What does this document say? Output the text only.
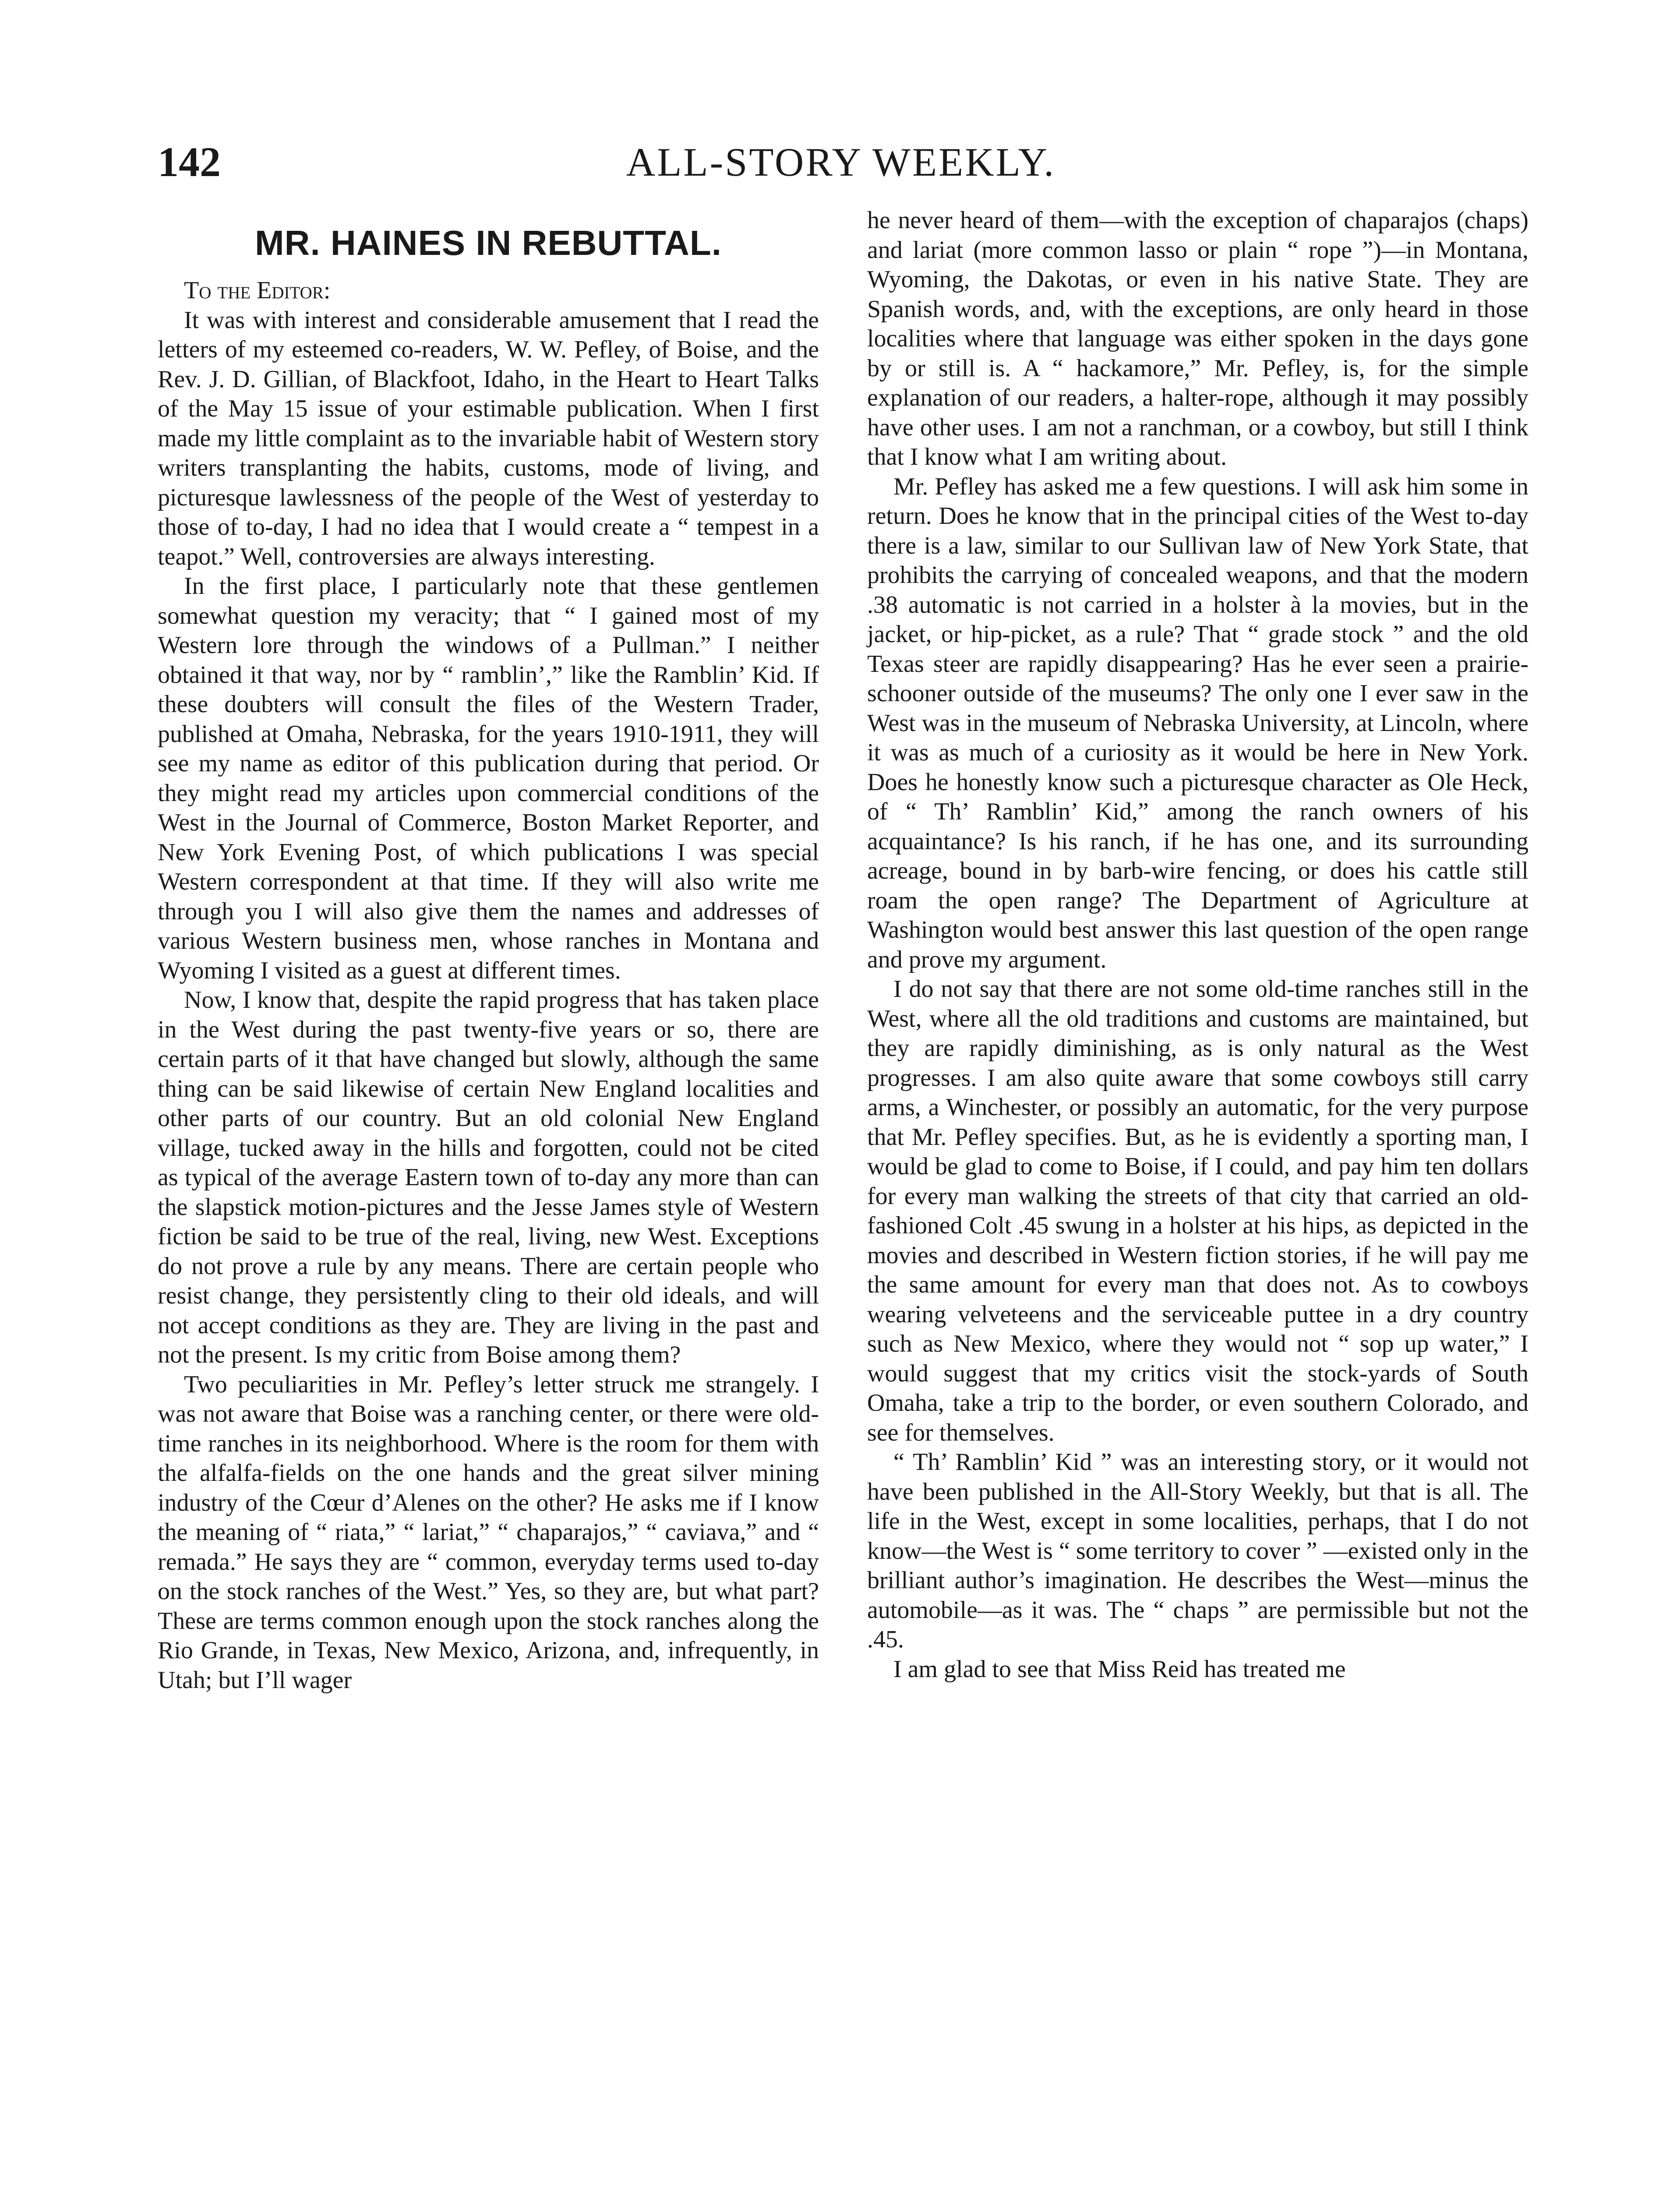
142	ALL-STORY WEEKLY.
MR. HAINES IN REBUTTAL.

To the Editor:

It was with interest and considerable amusement that I read the letters of my esteemed co-readers, W. W. Pefley, of Boise, and the Rev. J. D. Gillian, of Blackfoot, Idaho, in the Heart to Heart Talks of the May 15 issue of your estimable publication. When I first made my little complaint as to the invariable habit of Western story writers transplanting the habits, customs, mode of living, and picturesque lawlessness of the people of the West of yesterday to those of to-day, I had no idea that I would create a “ tempest in a teapot.” Well, controversies are always interesting.

In the first place, I particularly note that these gentlemen somewhat question my veracity; that “ I gained most of my Western lore through the windows of a Pullman.” I neither obtained it that way, nor by “ ramblin’,” like the Ramblin’ Kid. If these doubters will consult the files of the Western Trader, published at Omaha, Nebraska, for the years 1910-1911, they will see my name as editor of this publication during that period. Or they might read my articles upon commercial conditions of the West in the Journal of Commerce, Boston Market Reporter, and New York Evening Post, of which publications I was special Western correspondent at that time. If they will also write me through you I will also give them the names and addresses of various Western business men, whose ranches in Montana and Wyoming I visited as a guest at different times.

Now, I know that, despite the rapid progress that has taken place in the West during the past twenty-five years or so, there are certain parts of it that have changed but slowly, although the same thing can be said likewise of certain New England localities and other parts of our country. But an old colonial New England village, tucked away in the hills and forgotten, could not be cited as typical of the average Eastern town of to-day any more than can the slapstick motion-pictures and the Jesse James style of Western fiction be said to be true of the real, living, new West. Exceptions do not prove a rule by any means. There are certain people who resist change, they persistently cling to their old ideals, and will not accept conditions as they are. They are living in the past and not the present. Is my critic from Boise among them?

Two peculiarities in Mr. Pefley’s letter struck me strangely. I was not aware that Boise was a ranching center, or there were old-time ranches in its neighborhood. Where is the room for them with the alfalfa-fields on the one hands and the great silver mining industry of the Cœur d’Alenes on the other? He asks me if I know the meaning of “ riata,” “ lariat,” “ chaparajos,” “ caviava,” and “ remada.” He says they are “ common, everyday terms used to-day on the stock ranches of the West.” Yes, so they are, but what part? These are terms common enough upon the stock ranches along the Rio Grande, in Texas, New Mexico, Arizona, and, infrequently, in Utah; but I’ll wager

he never heard of them—with the exception of chaparajos (chaps) and lariat (more common lasso or plain “ rope ”)—in Montana, Wyoming, the Dakotas, or even in his native State. They are Spanish words, and, with the exceptions, are only heard in those localities where that language was either spoken in the days gone by or still is. A “ hackamore,” Mr. Pefley, is, for the simple explanation of our readers, a halter-rope, although it may possibly have other uses. I am not a ranchman, or a cowboy, but still I think that I know what I am writing about.

Mr. Pefley has asked me a few questions. I will ask him some in return. Does he know that in the principal cities of the West to-day there is a law, similar to our Sullivan law of New York State, that prohibits the carrying of concealed weapons, and that the modern .38 automatic is not carried in a holster à la movies, but in the jacket, or hip-picket, as a rule? That “ grade stock ” and the old Texas steer are rapidly disappearing? Has he ever seen a prairie-schooner outside of the museums? The only one I ever saw in the West was in the museum of Nebraska University, at Lincoln, where it was as much of a curiosity as it would be here in New York. Does he honestly know such a picturesque character as Ole Heck, of “ Th’ Ramblin’ Kid,” among the ranch owners of his acquaintance? Is his ranch, if he has one, and its surrounding acreage, bound in by barb-wire fencing, or does his cattle still roam the open range? The Department of Agriculture at Washington would best answer this last question of the open range and prove my argument.

I do not say that there are not some old-time ranches still in the West, where all the old traditions and customs are maintained, but they are rapidly diminishing, as is only natural as the West progresses. I am also quite aware that some cowboys still carry arms, a Winchester, or possibly an automatic, for the very purpose that Mr. Pefley specifies. But, as he is evidently a sporting man, I would be glad to come to Boise, if I could, and pay him ten dollars for every man walking the streets of that city that carried an old-fashioned Colt .45 swung in a holster at his hips, as depicted in the movies and described in Western fiction stories, if he will pay me the same amount for every man that does not. As to cowboys wearing velveteens and the serviceable puttee in a dry country such as New Mexico, where they would not “ sop up water,” I would suggest that my critics visit the stock-yards of South Omaha, take a trip to the border, or even southern Colorado, and see for themselves.

“ Th’ Ramblin’ Kid ” was an interesting story, or it would not have been published in the All-Story Weekly, but that is all. The life in the West, except in some localities, perhaps, that I do not know—the West is “ some territory to cover ” —existed only in the brilliant author’s imagination. He describes the West—minus the automobile—as it was. The “ chaps ” are permissible but not the .45.

I am glad to see that Miss Reid has treated me
